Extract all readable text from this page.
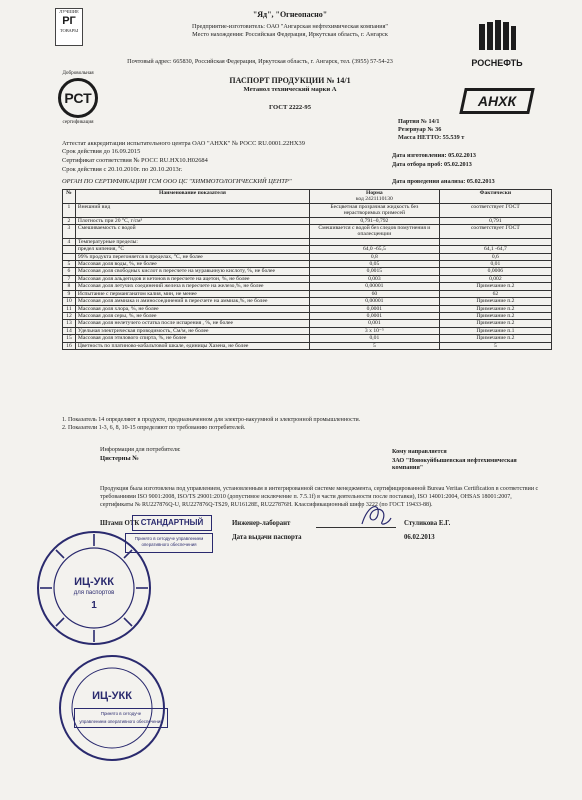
ЛУЧШИЕ
РГ
ТОВАРЫ
"Яд", "Огнеопасно"
Предприятие-изготовитель: ОАО "Ангарская нефтехимическая компания"
Место нахождения: Российская Федерация, Иркутская область, г. Ангарск
Почтовый адрес: 665830, Российская Федерация, Иркутская область, г. Ангарск, тел. (3955) 57-54-23	РОСНЕФТЬ
Добровольная
РСТ
сертификация
АНХК
ПАСПОРТ ПРОДУКЦИИ № 14/1
Метанол технический марки А
ГОСТ 2222-95
Партия № 14/1
Резервуар № 36
Масса НЕТТО: 55.539 т
Дата изготовления: 05.02.2013
Дата отбора проб: 05.02.2013
Дата проведения анализа: 05.02.2013
Аттестат аккредитации испытательного центра ОАО "АНХК" № РОСС RU.0001.22НХ39
Срок действия до 16.09.2015
Сертификат соответствия № РОСС RU.НХ10.Н02684
Срок действия с 20.10.2010г. по 20.10.2013г.
ОРГАН ПО СЕРТИФИКАЦИИ ГСМ ООО ЦС "ХИММОТОЛОГИЧЕСКИЙ ЦЕНТР"
№	Наименование показателя	Норма
код 2421110130	Фактически
1	Внешний вид	Бесцветная прозрачная жидкость без нерастворимых примесей	соответствует ГОСТ
2	Плотность при 20 °С, г/см³	0,791–0,792	0,791
3	Смешиваемость с водой	Смешивается с водой без следов помутнения и опалесценции	соответствует ГОСТ
4	Температурные пределы:		
	предел кипения, °С	64,0 -65,5	64,1 -64,7
	99% продукта перегоняется в пределах, °С, не более	0,8	0,6
5	Массовая доля воды, %, не более	0,05	0,01
6	Массовая доля свободных кислот в пересчете на муравьиную кислоту, %, не более	0,0015	0,0006
7	Массовая доля альдегидов и кетонов в пересчете на ацетон, %, не более	0,003	0,002
8	Массовая доля летучих соединений железа в пересчете на железо,%, не более	0,00001	Примечание п.2
9	Испытание с перманганатом калия, мин, не менее	60	62
10	Массовая доля аммиака и аминосоединений в пересчете на аммиак,%, не более	0,00001	Примечание п.2
11	Массовая доля хлора, %, не более	0,0001	Примечание п.2
12	Массовая доля серы, %, не более	0,0001	Примечание п.2
13	Массовая доля нелетучего остатка после испарения , %, не более	0,001	Примечание п.2
14	Удельная электрическая проводимость, См/м, не более	3 x 10⁻⁵	Примечание п.1
15	Массовая доля этилового спирта, %, не более	0,01	Примечание п.2
16	Цветность по платиново-кобальтовой шкале, единицы Хазена, не более	5	5
1. Показатель 14 определяют в продукте, предназначенном для электро-вакуумной и электронной промышленности.
2. Показатели 1-3, 6, 8, 10-15 определяют по требованию потребителей.
Информация для потребителя:
Цистерны №
Кому направляется
ЗАО "Новокуйбышевская нефтехимическая компания"
Продукция была изготовлена под управлением, установленным в интегрированной системе менеджмента, сертифицированной Bureau Veritas Certification в соответствии с требованиями ISO 9001:2008, ISO/TS 29001:2010 (допустимое исключение п. 7.5.1f) в части деятельности после поставки), ISO 14001:2004, OHSAS 18001:2007, сертификаты № RU227876Q-U, RU227876Q-TS29, RU16128E, RU227876H. Классификационный шифр 3222 (по ГОСТ 19433-88).
Штамп ОТК СТАНДАРТНЫЙ
Принято в сетодуче управлением оперативного обеспечения
Инженер-лаборант	Стуликова Е.Г.
Дата выдачи паспорта	06.02.2013
ИЦ-УКК
для паспортов
1
ИЦ-УКК
Принято в сетодуче
управлением оперативного обеспечения
